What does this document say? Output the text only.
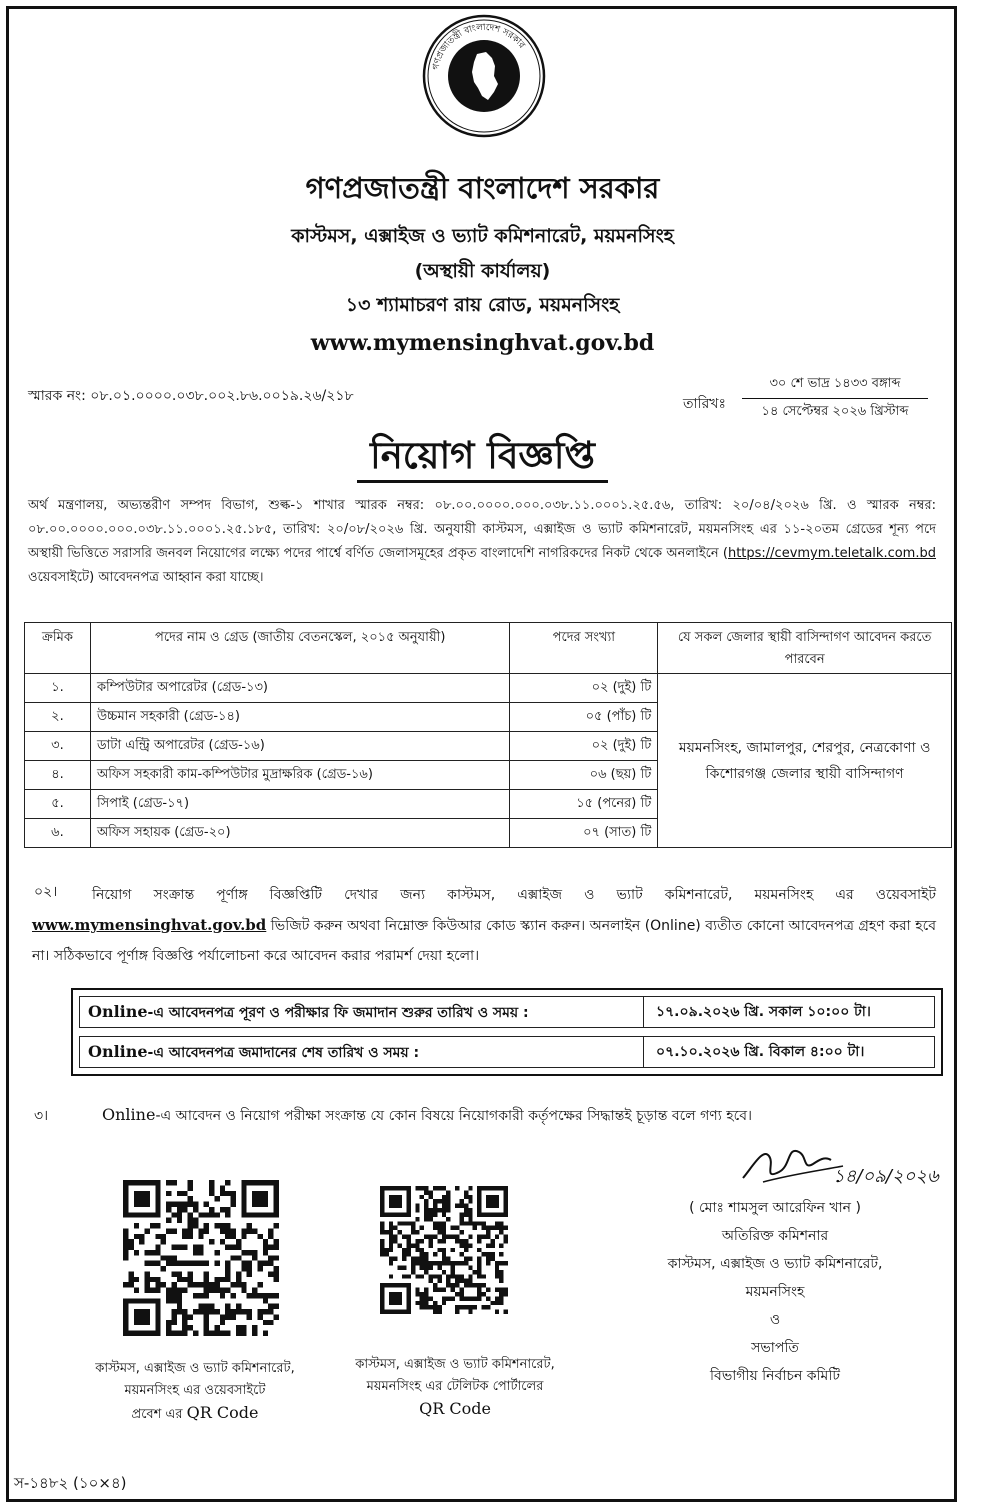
গণপ্রজাতন্ত্রী বাংলাদেশ সরকার
গণপ্রজাতন্ত্রী বাংলাদেশ সরকার
কাস্টমস, এক্সাইজ ও ভ্যাট কমিশনারেট, ময়মনসিংহ
(অস্থায়ী কার্যালয়)
১৩ শ্যামাচরণ রায় রোড, ময়মনসিংহ
www.mymensinghvat.gov.bd
স্মারক নং: ০৮.০১.০০০০.০৩৮.০০২.৮৬.০০১৯.২৬/২১৮	তারিখঃ
৩০ শে ভাদ্র ১৪৩৩ বঙ্গাব্দ
১৪ সেপ্টেম্বর ২০২৬ খ্রিস্টাব্দ
নিয়োগ বিজ্ঞপ্তি
অর্থ মন্ত্রণালয়, অভ্যন্তরীণ সম্পদ বিভাগ, শুল্ক-১ শাখার স্মারক নম্বর: ০৮.০০.০০০০.০০০.০৩৮.১১.০০০১.২৫.৫৬, তারিখ: ২০/০৪/২০২৬ খ্রি. ও স্মারক নম্বর: ০৮.০০.০০০০.০০০.০৩৮.১১.০০০১.২৫.১৮৫, তারিখ: ২০/০৮/২০২৬ খ্রি. অনুযায়ী কাস্টমস, এক্সাইজ ও ভ্যাট কমিশনারেট, ময়মনসিংহ এর ১১-২০তম গ্রেডের শূন্য পদে অস্থায়ী ভিত্তিতে সরাসরি জনবল নিয়োগের লক্ষ্যে পদের পার্শ্বে বর্ণিত জেলাসমূহের প্রকৃত বাংলাদেশি নাগরিকদের নিকট থেকে অনলাইনে (https://cevmym.teletalk.com.bd ওয়েবসাইটে) আবেদনপত্র আহ্বান করা যাচ্ছে।
ক্রমিক	পদের নাম ও গ্রেড (জাতীয় বেতনস্কেল, ২০১৫ অনুযায়ী)	পদের সংখ্যা	যে সকল জেলার স্থায়ী বাসিন্দাগণ আবেদন করতে পারবেন
১.	কম্পিউটার অপারেটর (গ্রেড-১৩)	০২ (দুই) টি	ময়মনসিংহ, জামালপুর, শেরপুর, নেত্রকোণা ও কিশোরগঞ্জ জেলার স্থায়ী বাসিন্দাগণ
২.	উচ্চমান সহকারী (গ্রেড-১৪)	০৫ (পাঁচ) টি	
৩.	ডাটা এন্ট্রি অপারেটর (গ্রেড-১৬)	০২ (দুই) টি	
৪.	অফিস সহকারী কাম-কম্পিউটার মুদ্রাক্ষরিক (গ্রেড-১৬)	০৬ (ছয়) টি	
৫.	সিপাই (গ্রেড-১৭)	১৫ (পনের) টি	
৬.	অফিস সহায়ক (গ্রেড-২০)	০৭ (সাত) টি	
০২।	নিয়োগ সংক্রান্ত পূর্ণাঙ্গ বিজ্ঞপ্তিটি দেখার জন্য কাস্টমস, এক্সাইজ ও ভ্যাট কমিশনারেট, ময়মনসিংহ এর ওয়েবসাইট www.mymensinghvat.gov.bd ভিজিট করুন অথবা নিম্নোক্ত কিউআর কোড স্ক্যান করুন। অনলাইন (Online) ব্যতীত কোনো আবেদনপত্র গ্রহণ করা হবে না। সঠিকভাবে পূর্ণাঙ্গ বিজ্ঞপ্তি পর্যালোচনা করে আবেদন করার পরামর্শ দেয়া হলো।
Online-এ আবেদনপত্র পূরণ ও পরীক্ষার ফি জমাদান শুরুর তারিখ ও সময় :	১৭.০৯.২০২৬ খ্রি. সকাল ১০:০০ টা।
Online-এ আবেদনপত্র জমাদানের শেষ তারিখ ও সময় :	০৭.১০.২০২৬ খ্রি. বিকাল ৪:০০ টা।
৩।	Online-এ আবেদন ও নিয়োগ পরীক্ষা সংক্রান্ত যে কোন বিষয়ে নিয়োগকারী কর্তৃপক্ষের সিদ্ধান্তই চূড়ান্ত বলে গণ্য হবে।
১৪/০৯/২০২৬
( মোঃ শামসুল আরেফিন খান )
অতিরিক্ত কমিশনার
কাস্টমস, এক্সাইজ ও ভ্যাট কমিশনারেট,
ময়মনসিংহ
ও
সভাপতি
বিভাগীয় নির্বাচন কমিটি
কাস্টমস, এক্সাইজ ও ভ্যাট কমিশনারেট,
ময়মনসিংহ এর ওয়েবসাইটে
প্রবেশ এর QR Code
কাস্টমস, এক্সাইজ ও ভ্যাট কমিশনারেট,
ময়মনসিংহ এর টেলিটক পোর্টালের
QR Code
স-১৪৮২ (১০×৪)
